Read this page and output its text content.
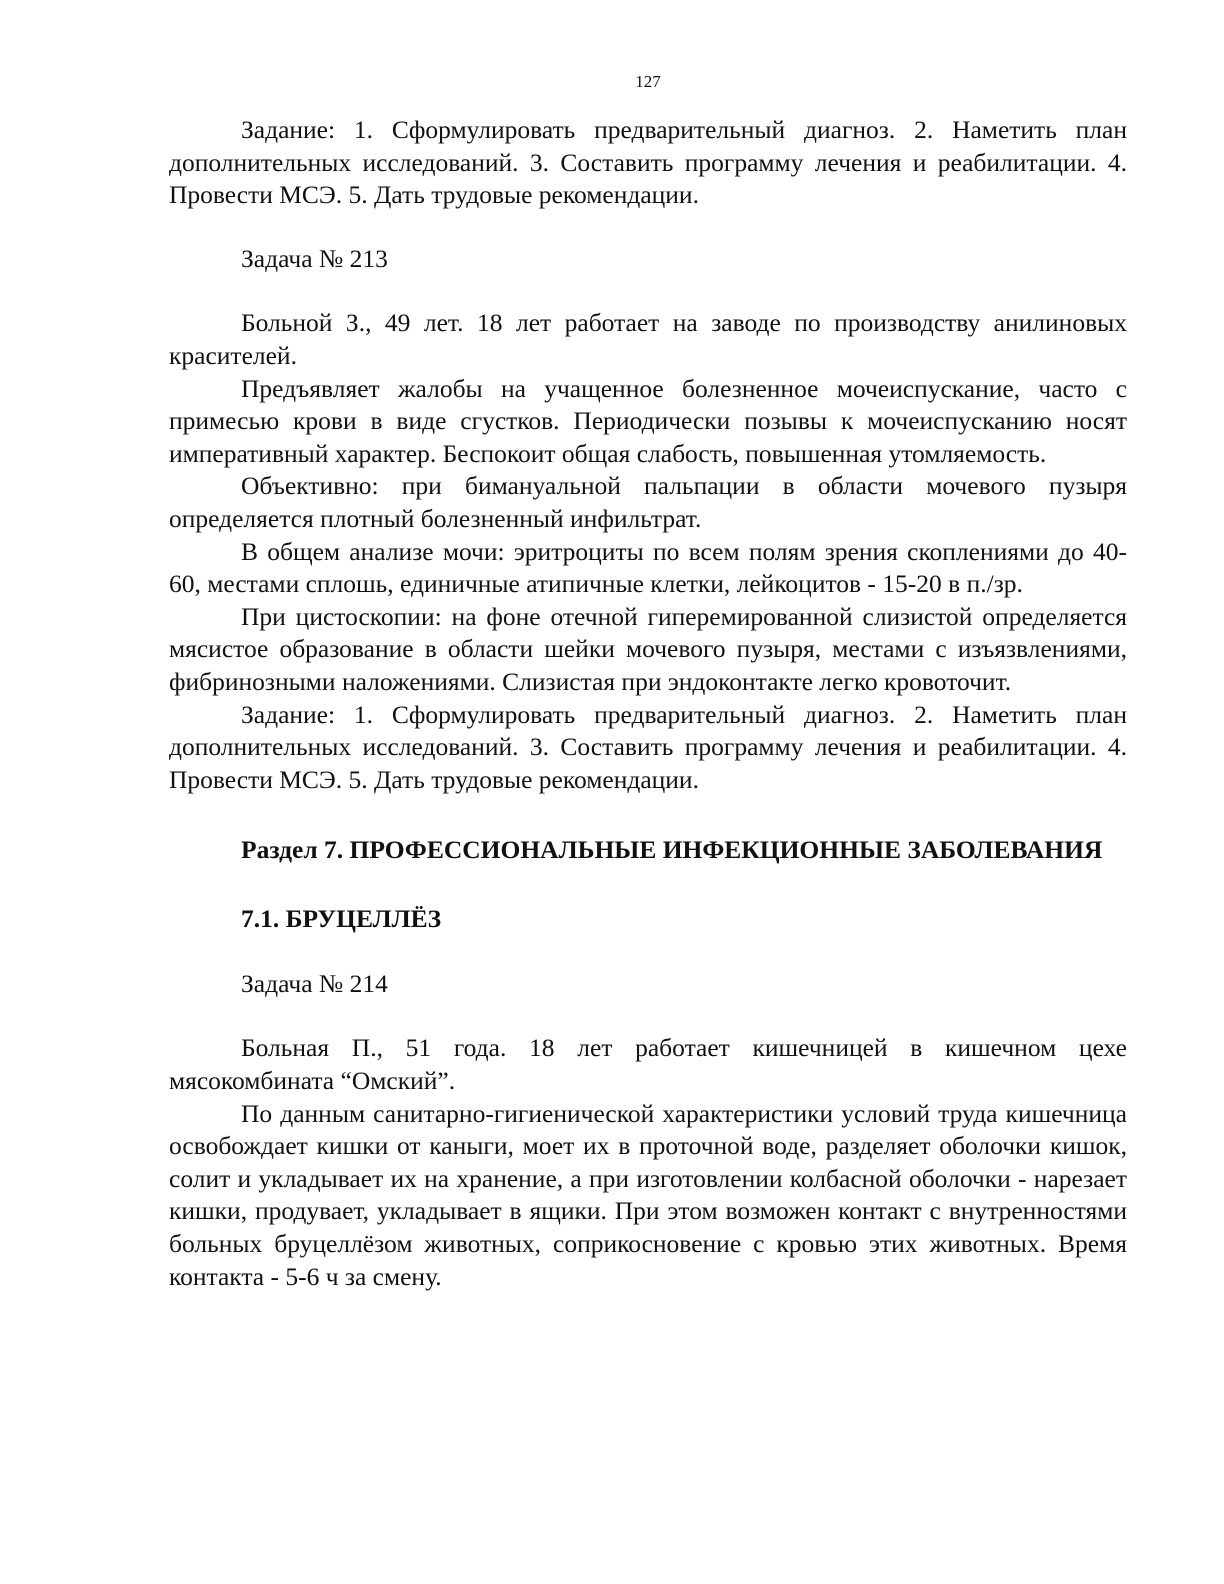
127

Задание: 1. Сформулировать предварительный диагноз. 2. Наметить план дополнительных исследований. 3. Составить программу лечения и реабилитации. 4. Провести МСЭ. 5. Дать трудовые рекомендации.

Задача № 213

Больной З., 49 лет. 18 лет работает на заводе по производству анилиновых красителей.

Предъявляет жалобы на учащенное болезненное мочеиспускание, часто с примесью крови в виде сгустков. Периодически позывы к мочеиспусканию носят императивный характер. Беспокоит общая слабость, повышенная утомляемость.

Объективно: при бимануальной пальпации в области мочевого пузыря определяется плотный болезненный инфильтрат.

В общем анализе мочи: эритроциты по всем полям зрения скоплениями до 40-60, местами сплошь, единичные атипичные клетки, лейкоцитов - 15-20 в п./зр.

При цистоскопии: на фоне отечной гиперемированной слизистой определяется мясистое образование в области шейки мочевого пузыря, местами с изъязвлениями, фибринозными наложениями. Слизистая при эндоконтакте легко кровоточит.

Задание: 1. Сформулировать предварительный диагноз. 2. Наметить план дополнительных исследований. 3. Составить программу лечения и реабилитации. 4. Провести МСЭ. 5. Дать трудовые рекомендации.

Раздел 7. ПРОФЕССИОНАЛЬНЫЕ ИНФЕКЦИОННЫЕ ЗАБОЛЕВАНИЯ

7.1. БРУЦЕЛЛЁЗ

Задача № 214

Больная П., 51 года. 18 лет работает кишечницей в кишечном цехе мясокомбината “Омский”.

По данным санитарно-гигиенической характеристики условий труда кишечница освобождает кишки от каныги, моет их в проточной воде, разделяет оболочки кишок, солит и укладывает их на хранение, а при изготовлении колбасной оболочки - нарезает кишки, продувает, укладывает в ящики. При этом возможен контакт с внутренностями больных бруцеллёзом животных, соприкосновение с кровью этих животных. Время контакта - 5-6 ч за смену.
